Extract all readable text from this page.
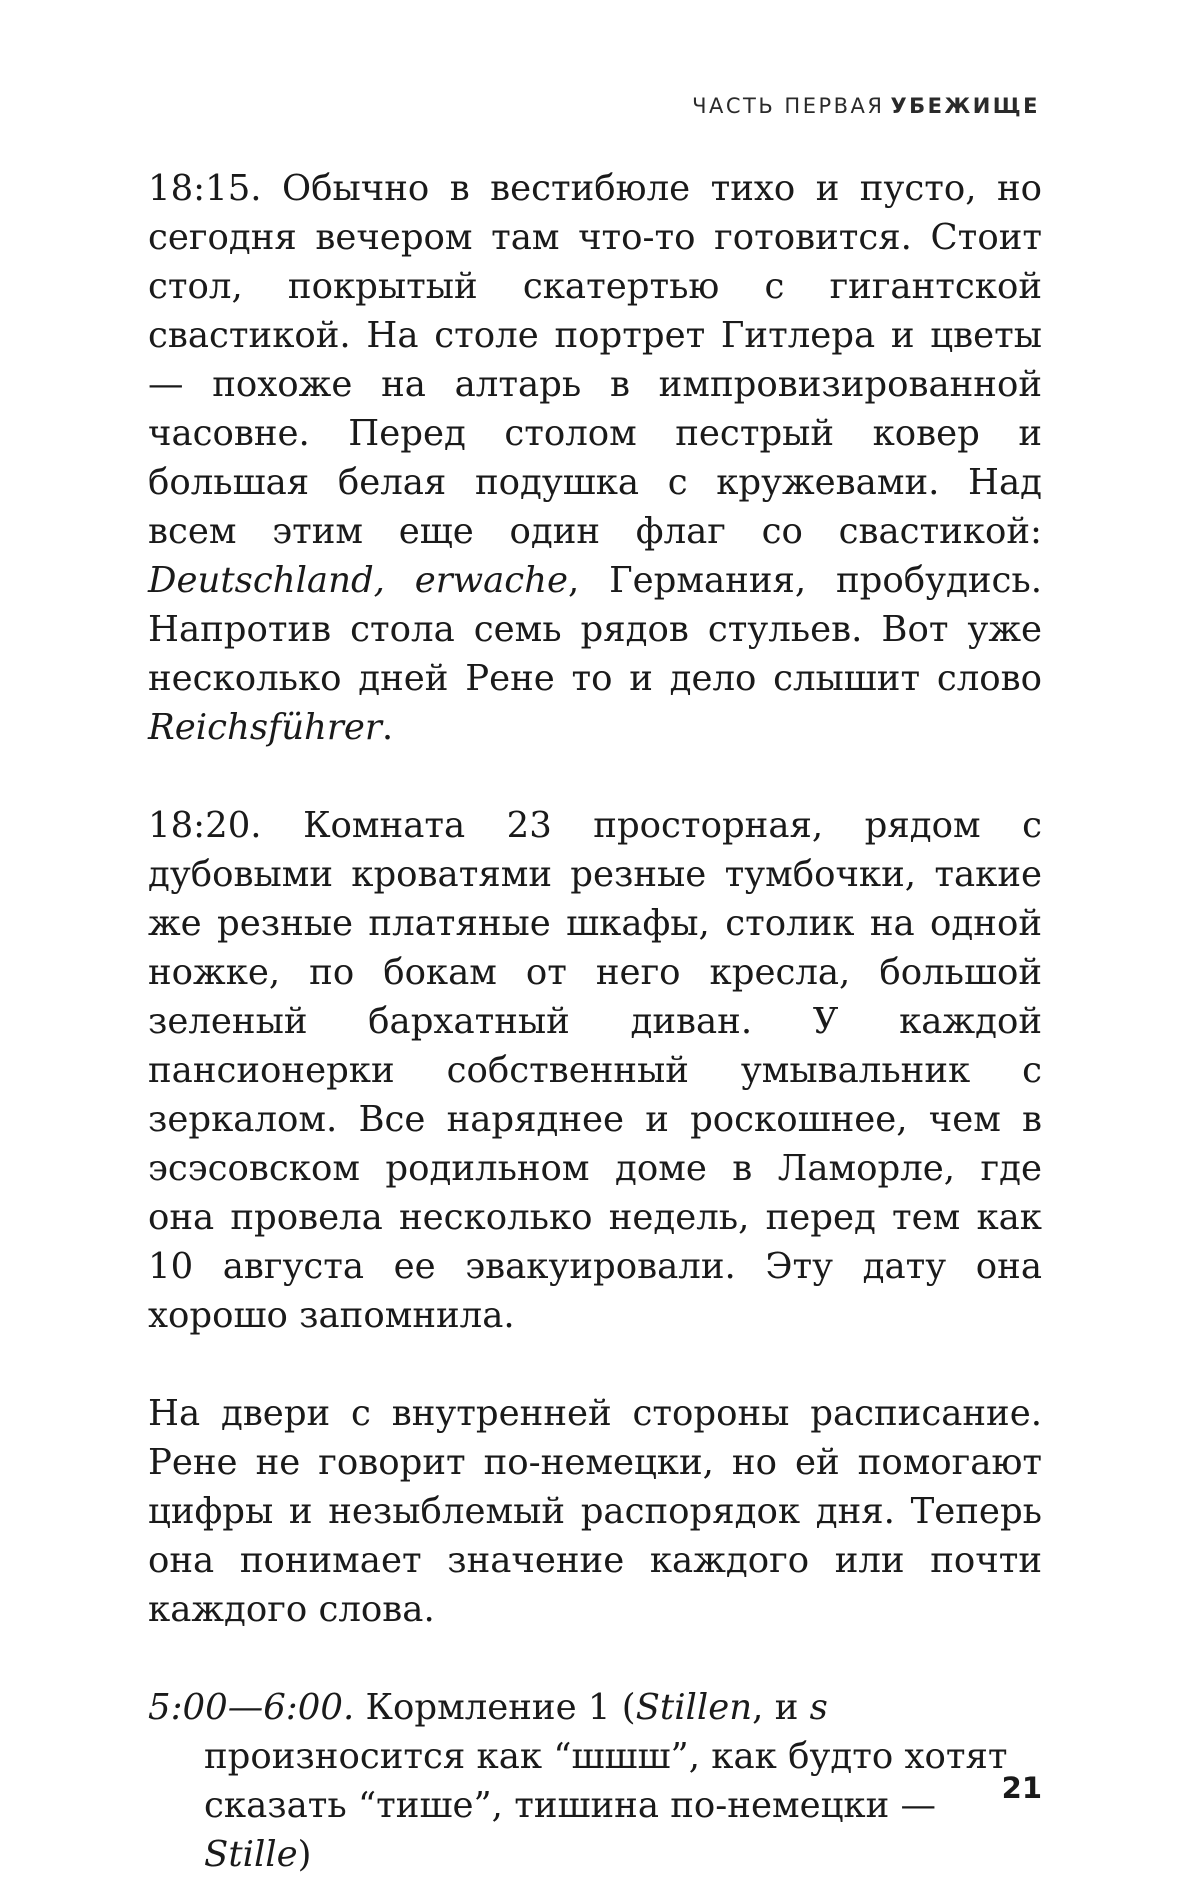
ЧАСТЬ ПЕРВАЯ УБЕЖИЩЕ

18:15. Обычно в вестибюле тихо и пусто, но сегодня вечером там что-то готовится. Стоит стол, покрытый скатертью с гигантской свастикой. На столе портрет Гитлера и цветы — похоже на алтарь в импровизированной часовне. Перед столом пестрый ковер и большая белая подушка с кружевами. Над всем этим еще один флаг со свастикой: Deutschland, erwache, Германия, пробудись. Напротив стола семь рядов стульев. Вот уже несколько дней Рене то и дело слышит слово Reichsführer.

18:20. Комната 23 просторная, рядом с дубовыми кроватями резные тумбочки, такие же резные платяные шкафы, столик на одной ножке, по бокам от него кресла, большой зеленый бархатный диван. У каждой пансионерки собственный умывальник с зеркалом. Все наряднее и роскошнее, чем в эсэсовском родильном доме в Ламорле, где она провела несколько недель, перед тем как 10 августа ее эвакуировали. Эту дату она хорошо запомнила.

На двери с внутренней стороны расписание. Рене не говорит по-немецки, но ей помогают цифры и незыблемый распорядок дня. Теперь она понимает значение каждого или почти каждого слова.

5:00—6:00. Кормление 1 (Stillen, и s произносится как “шшш”, как будто хотят сказать “тише”, тишина по-немецки — Stille)

21
